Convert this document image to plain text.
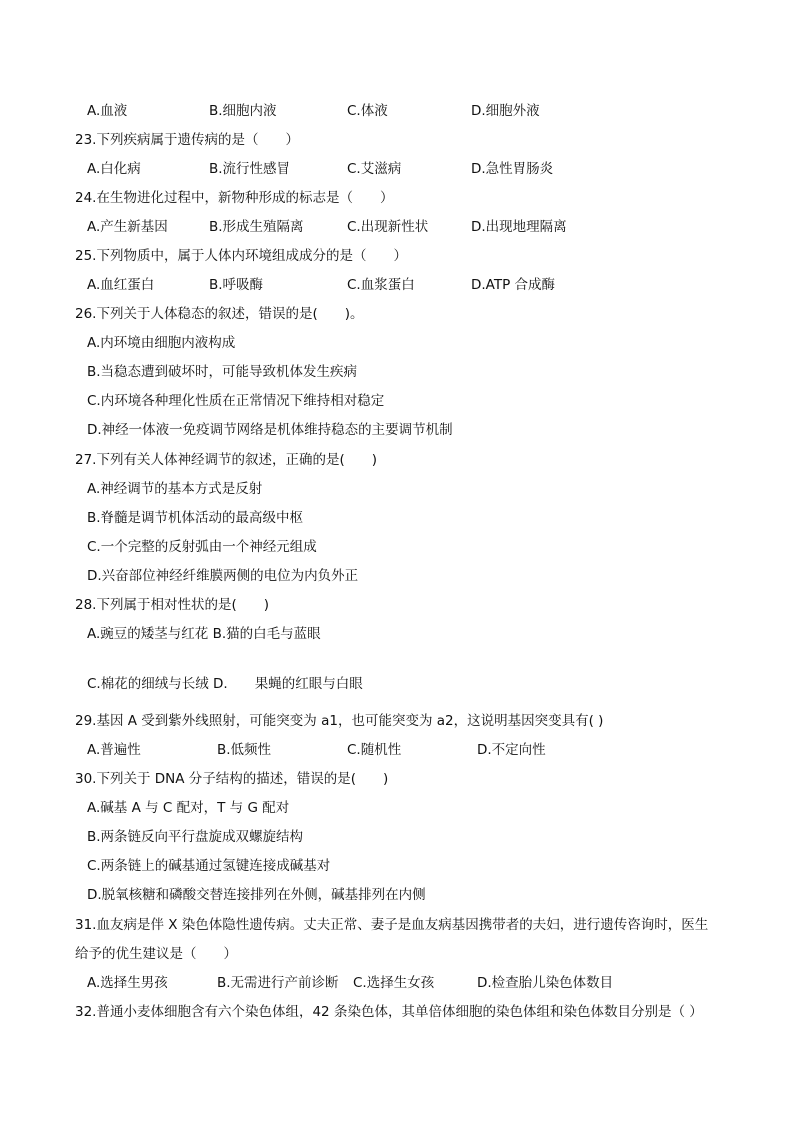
A.血液	B.细胞内液	C.体液	D.细胞外液
23.下列疾病属于遗传病的是（　　）
A.白化病	B.流行性感冒	C.艾滋病	D.急性胃肠炎
24.在生物进化过程中，新物种形成的标志是（　　）
A.产生新基因	B.形成生殖隔离	C.出现新性状	D.出现地理隔离
25.下列物质中，属于人体内环境组成成分的是（　　）
A.血红蛋白	B.呼吸酶	C.血浆蛋白	D.ATP 合成酶
26.下列关于人体稳态的叙述，错误的是(　　)。
A.内环境由细胞内液构成
B.当稳态遭到破坏时，可能导致机体发生疾病
C.内环境各种理化性质在正常情况下维持相对稳定
D.神经一体液一免疫调节网络是机体维持稳态的主要调节机制
27.下列有关人体神经调节的叙述，正确的是(　　)
A.神经调节的基本方式是反射
B.脊髓是调节机体活动的最高级中枢
C.一个完整的反射弧由一个神经元组成
D.兴奋部位神经纤维膜两侧的电位为内负外正
28.下列属于相对性状的是(　　)
A.豌豆的矮茎与红花 B.猫的白毛与蓝眼
C.棉花的细绒与长绒 D.　　果蝇的红眼与白眼
29.基因 A 受到紫外线照射，可能突变为 a1，也可能突变为 a2，这说明基因突变具有( )
A.普遍性	B.低频性	C.随机性	D.不定向性
30.下列关于 DNA 分子结构的描述，错误的是(　　)
A.碱基 A 与 C 配对，T 与 G 配对
B.两条链反向平行盘旋成双螺旋结构
C.两条链上的碱基通过氢键连接成碱基对
D.脱氧核糖和磷酸交替连接排列在外侧，碱基排列在内侧
31.血友病是伴 X 染色体隐性遗传病。丈夫正常、妻子是血友病基因携带者的夫妇，进行遗传咨询时，医生
给予的优生建议是（　　）
A.选择生男孩	B.无需进行产前诊断 C.选择生女孩	D.检查胎儿染色体数目
32.普通小麦体细胞含有六个染色体组，42 条染色体，其单倍体细胞的染色体组和染色体数目分别是（ ）
